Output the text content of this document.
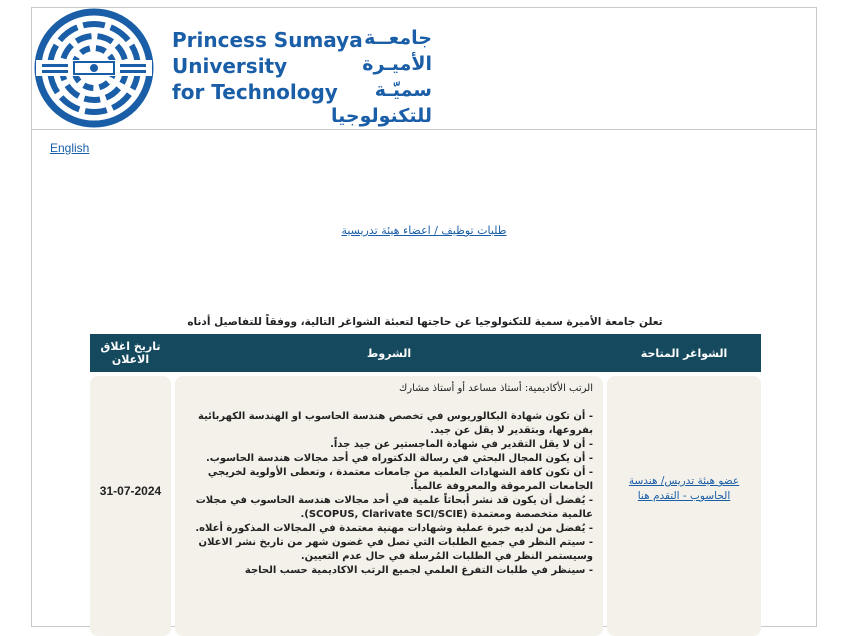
Princess Sumaya
University
for Technology
جامعــة
الأميـرة سميّـة
للتكنولوجيا
English
طلبات توظيف / اعضاء هيئة تدريسية
تعلن جامعة الأميرة سمية للتكنولوجيا عن حاجتها لتعبئة الشواغر التالية، ووفقاً للتفاصيل أدناه
الشواغر المتاحة
الشروط
تاريخ اغلاق الاعلان
عضو هيئة تدريس/ هندسة الحاسوب - التقدم هنا
الرتب الأكاديمية: أستاذ مساعد أو أستاذ مشارك

- أن تكون شهادة البكالوريوس في تخصص هندسة الحاسوب او الهندسة الكهربائية بفروعها، وبتقدير لا يقل عن جيد.

- أن لا يقل التقدير في شهادة الماجستير عن جيد جداً.

- أن يكون المجال البحثي في رسالة الدكتوراه في أحد مجالات هندسة الحاسوب.

- أن تكون كافة الشهادات العلمية من جامعات معتمدة ، وتعطى الأولوية لخريجي الجامعات المرموقة والمعروفة عالمياً.

- يُفضل أن يكون قد نشر أبحاثاً علمية في أحد مجالات هندسة الحاسوب في مجلات عالمية متخصصة ومعتمدة (SCOPUS, Clarivate SCI/SCIE).

- يُفضل من لديه خبرة عملية وشهادات مهنية معتمدة في المجالات المذكورة أعلاه.

- سيتم النظر في جميع الطلبات التي تصل في غضون شهر من تاريخ نشر الاعلان وسيستمر النظر في الطلبات المُرسلة في حال عدم التعيين.

- سينظر في طلبات التفرغ العلمي لجميع الرتب الاكاديمية حسب الحاجة

31-07-2024
